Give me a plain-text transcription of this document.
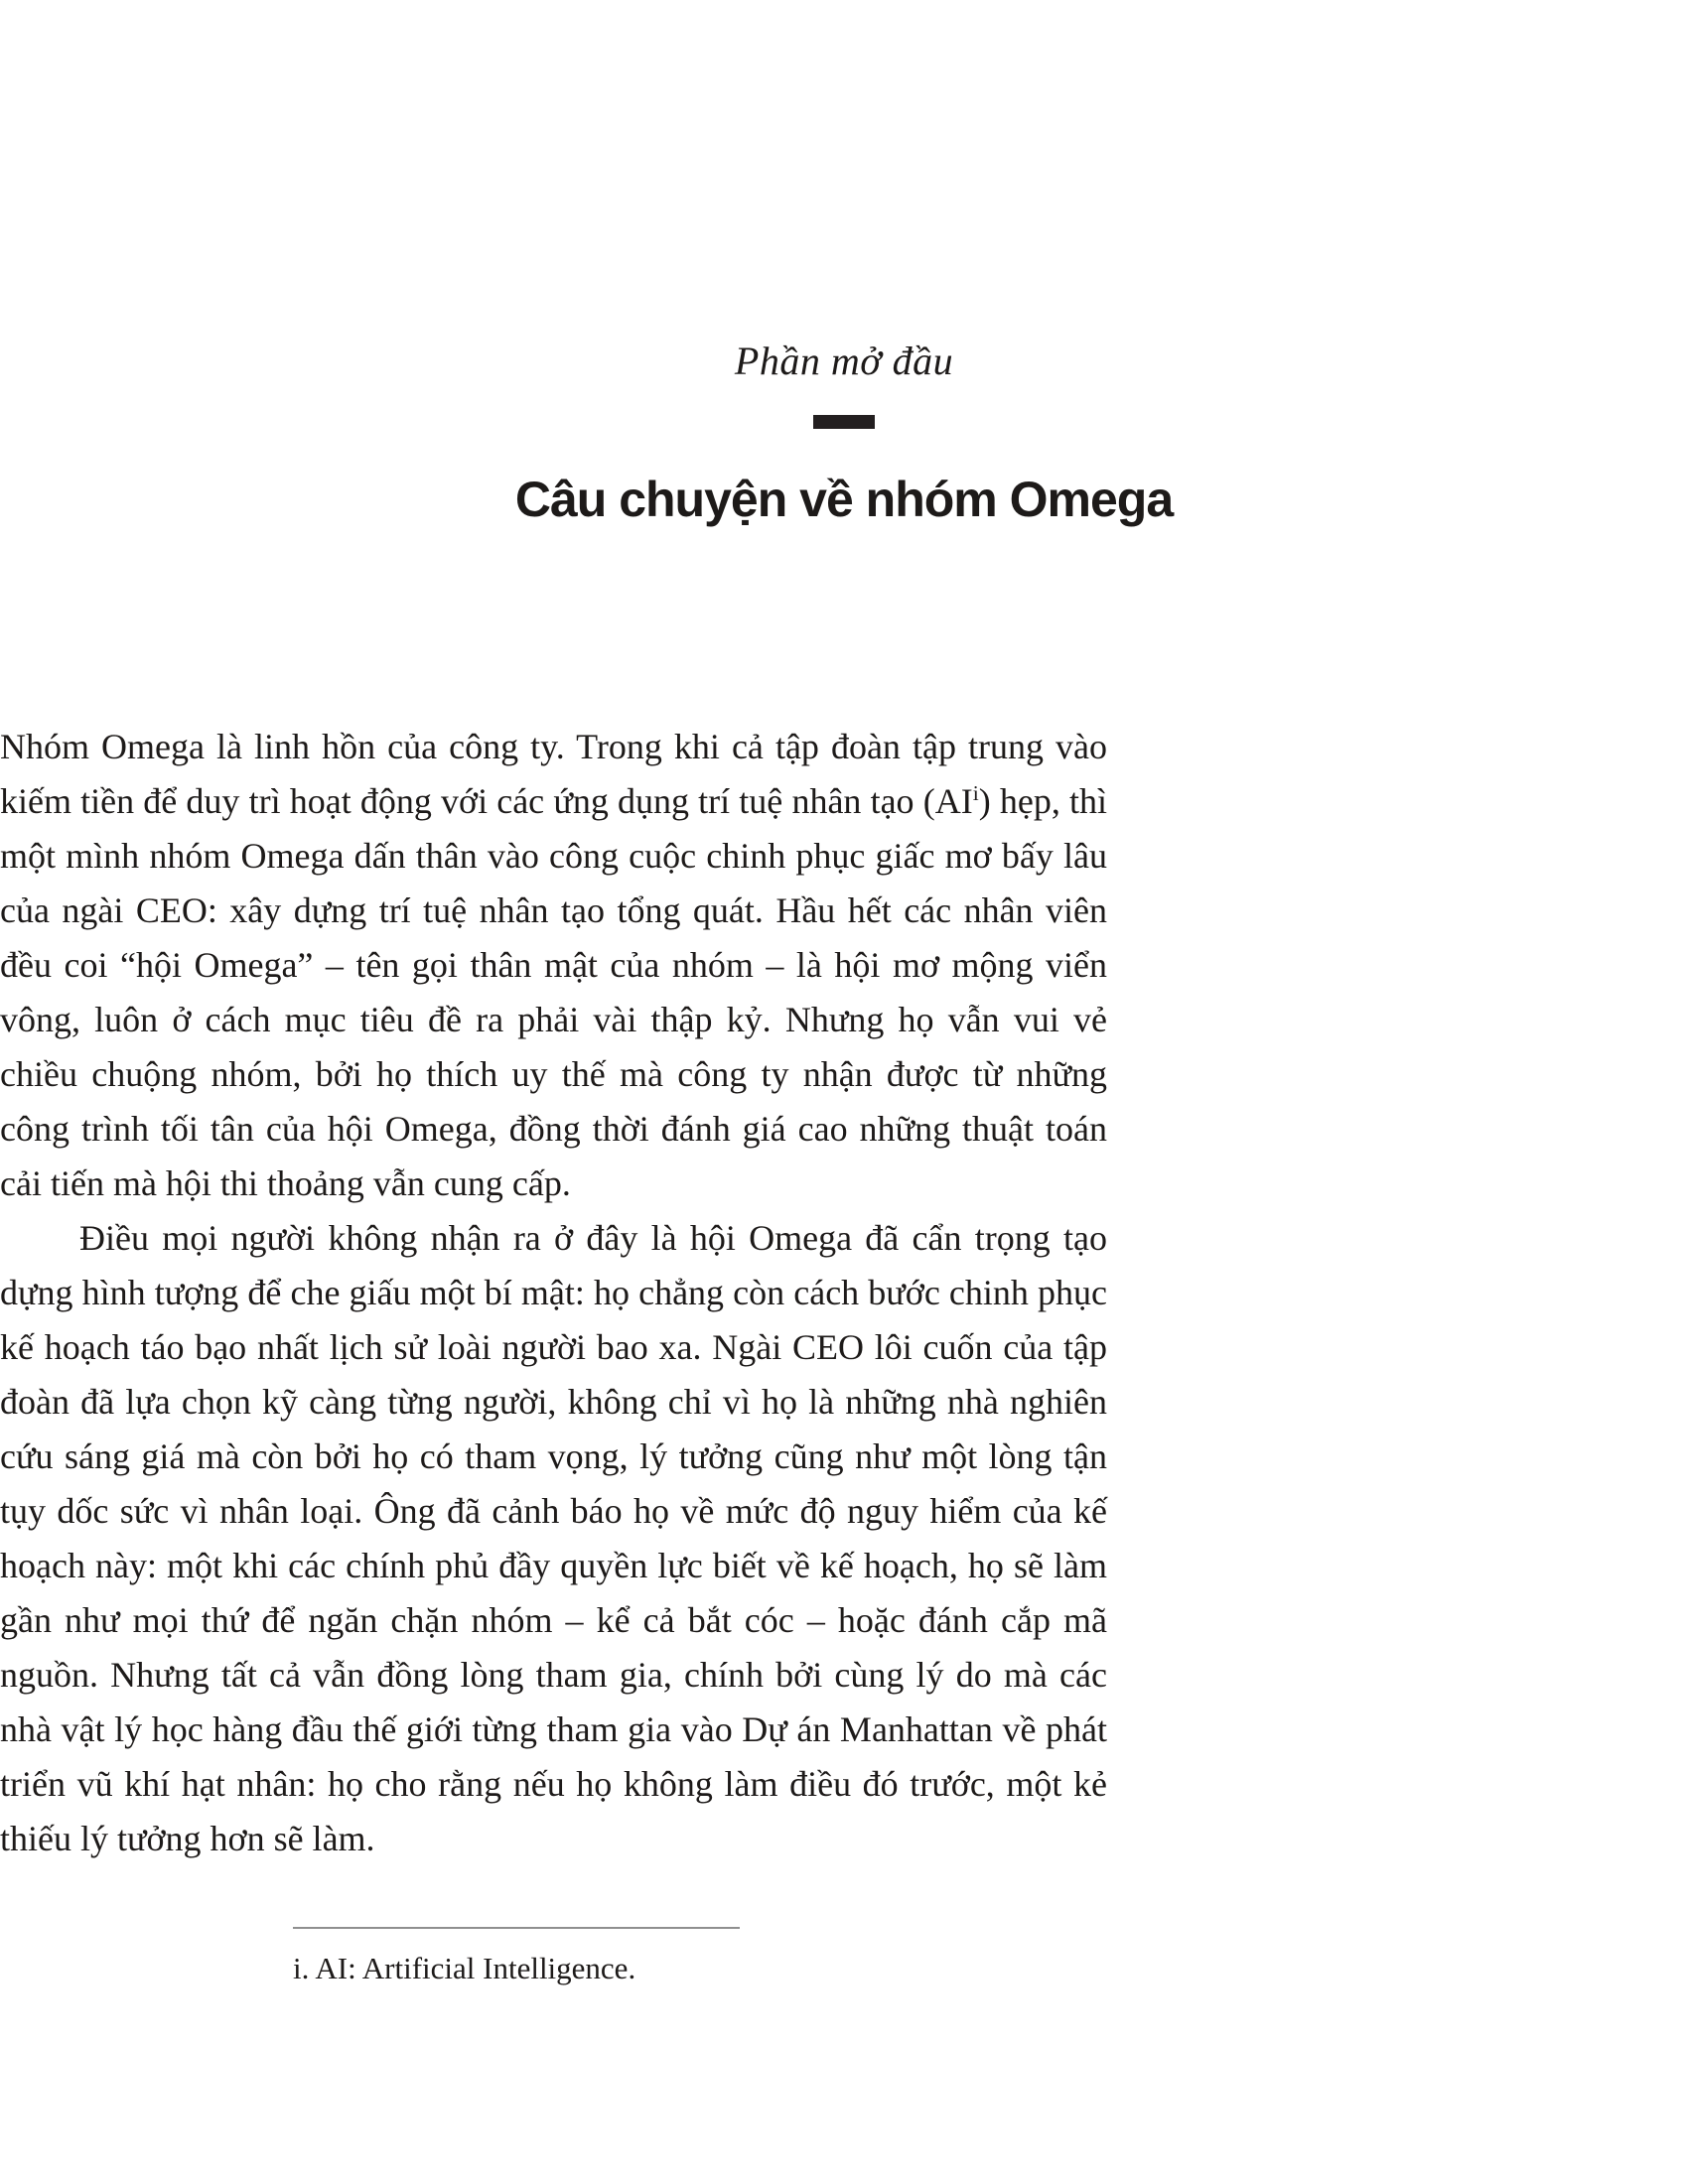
Phần mở đầu
Câu chuyện về nhóm Omega

Nhóm Omega là linh hồn của công ty. Trong khi cả tập đoàn tập trung vào kiếm tiền để duy trì hoạt động với các ứng dụng trí tuệ nhân tạo (AI$^i$) hẹp, thì một mình nhóm Omega dấn thân vào công cuộc chinh phục giấc mơ bấy lâu của ngài CEO: xây dựng trí tuệ nhân tạo tổng quát. Hầu hết các nhân viên đều coi “hội Omega” – tên gọi thân mật của nhóm – là hội mơ mộng viển vông, luôn ở cách mục tiêu đề ra phải vài thập kỷ. Nhưng họ vẫn vui vẻ chiều chuộng nhóm, bởi họ thích uy thế mà công ty nhận được từ những công trình tối tân của hội Omega, đồng thời đánh giá cao những thuật toán cải tiến mà hội thi thoảng vẫn cung cấp.

Điều mọi người không nhận ra ở đây là hội Omega đã cẩn trọng tạo dựng hình tượng để che giấu một bí mật: họ chẳng còn cách bước chinh phục kế hoạch táo bạo nhất lịch sử loài người bao xa. Ngài CEO lôi cuốn của tập đoàn đã lựa chọn kỹ càng từng người, không chỉ vì họ là những nhà nghiên cứu sáng giá mà còn bởi họ có tham vọng, lý tưởng cũng như một lòng tận tụy dốc sức vì nhân loại. Ông đã cảnh báo họ về mức độ nguy hiểm của kế hoạch này: một khi các chính phủ đầy quyền lực biết về kế hoạch, họ sẽ làm gần như mọi thứ để ngăn chặn nhóm – kể cả bắt cóc – hoặc đánh cắp mã nguồn. Nhưng tất cả vẫn đồng lòng tham gia, chính bởi cùng lý do mà các nhà vật lý học hàng đầu thế giới từng tham gia vào Dự án Manhattan về phát triển vũ khí hạt nhân: họ cho rằng nếu họ không làm điều đó trước, một kẻ thiếu lý tưởng hơn sẽ làm.

i. AI: Artificial Intelligence.
